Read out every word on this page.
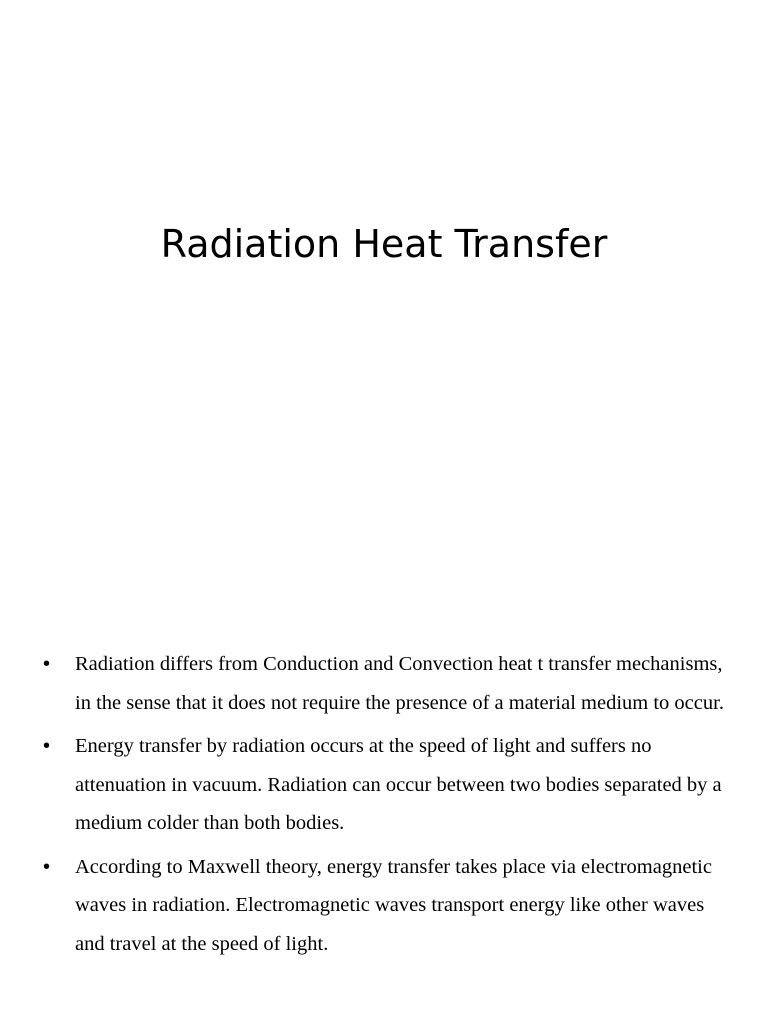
Radiation Heat Transfer
• Radiation differs from Conduction and Convection heat t transfer mechanisms, in the sense that it does not require the presence of a material medium to occur.
• Energy transfer by radiation occurs at the speed of light and suffers no attenuation in vacuum. Radiation can occur between two bodies separated by a medium colder than both bodies.
• According to Maxwell theory, energy transfer takes place via electromagnetic waves in radiation. Electromagnetic waves transport energy like other waves and travel at the speed of light.
